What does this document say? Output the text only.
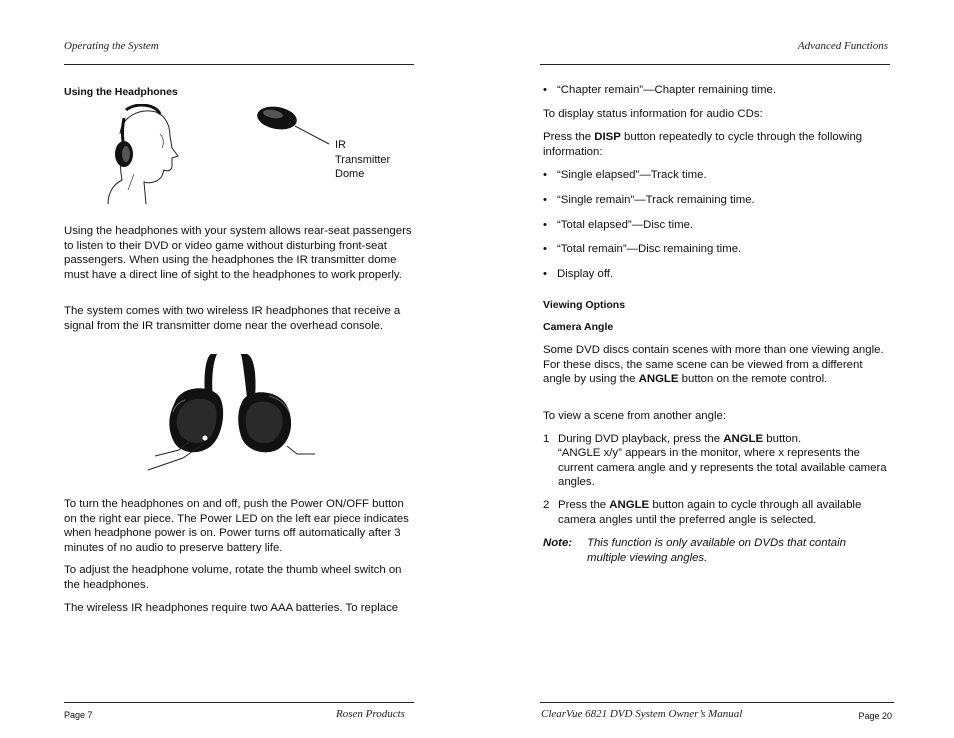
Operating the System
Using the Headphones
IR
Transmitter
Dome
Using the headphones with your system allows rear-seat passengers to listen to their DVD or video game without disturbing front-seat passengers. When using the headphones the IR transmitter dome must have a direct line of sight to the headphones to work properly.
The system comes with two wireless IR headphones that receive a signal from the IR transmitter dome near the overhead console.
To turn the headphones on and off, push the Power ON/OFF button on the right ear piece. The Power LED on the left ear piece indicates when headphone power is on. Power turns off automatically after 3 minutes of no audio to preserve battery life.
To adjust the headphone volume, rotate the thumb wheel switch on the headphones.
The wireless IR headphones require two AAA batteries. To replace
Page 7	Rosen Products
Advanced Functions
• “Chapter remain”—Chapter remaining time.
To display status information for audio CDs:
Press the DISP button repeatedly to cycle through the following information:
• “Single elapsed”—Track time.
• “Single remain”—Track remaining time.
• “Total elapsed”—Disc time.
• “Total remain”—Disc remaining time.
• Display off.
Viewing Options
Camera Angle
Some DVD discs contain scenes with more than one viewing angle. For these discs, the same scene can be viewed from a different angle by using the ANGLE button on the remote control.
To view a scene from another angle:
1 During DVD playback, press the ANGLE button.
“ANGLE x/y” appears in the monitor, where x represents the current camera angle and y represents the total available camera angles.
2 Press the ANGLE button again to cycle through all available camera angles until the preferred angle is selected.
Note: This function is only available on DVDs that contain multiple viewing angles.
ClearVue 6821 DVD System Owner’s Manual	Page 20
